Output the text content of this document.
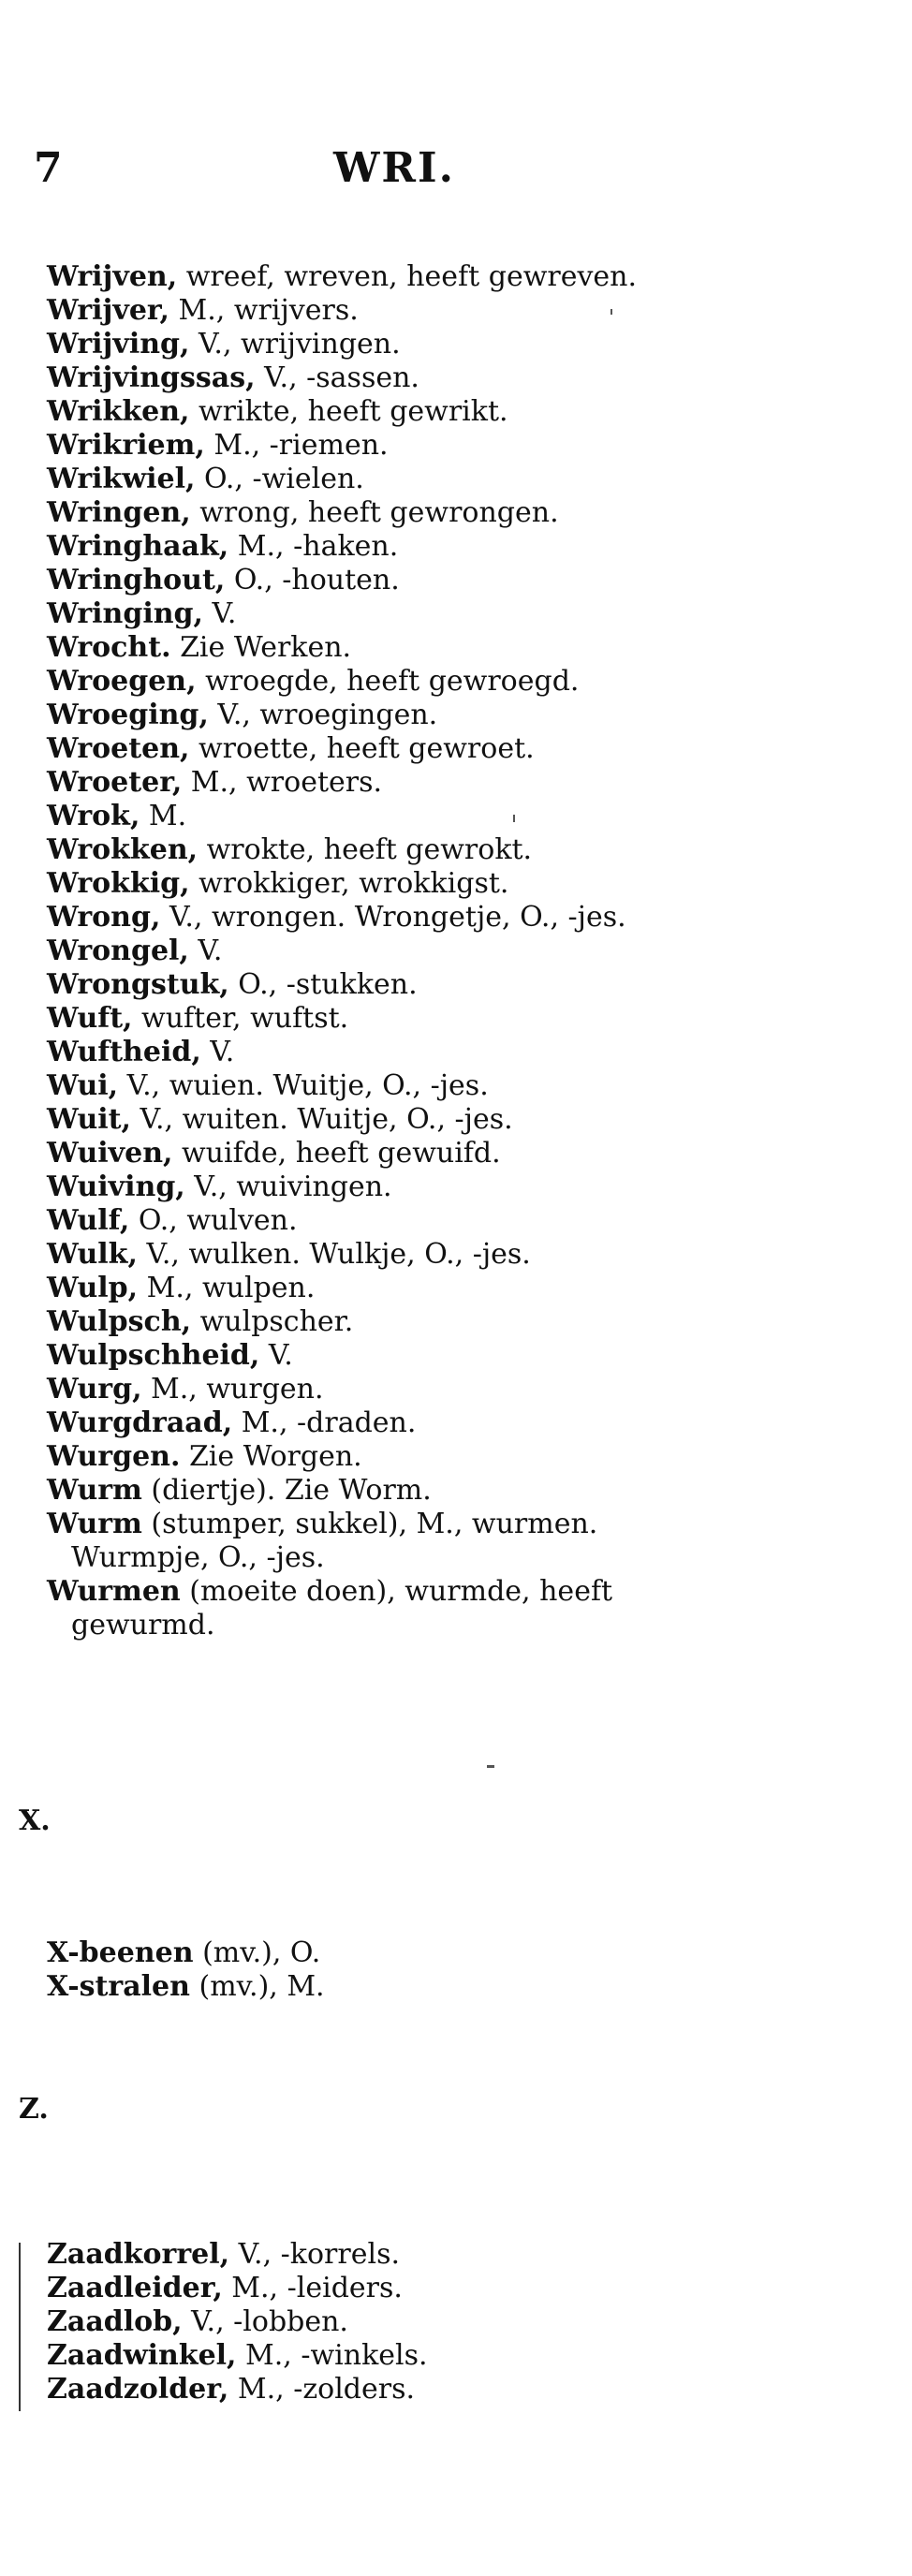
7	WRI.
Wrijven, wreef, wreven, heeft gewreven.
Wrijver, M., wrijvers.
Wrijving, V., wrijvingen.
Wrijvingssas, V., -sassen.
Wrikken, wrikte, heeft gewrikt.
Wrikriem, M., -riemen.
Wrikwiel, O., -wielen.
Wringen, wrong, heeft gewrongen.
Wringhaak, M., -haken.
Wringhout, O., -houten.
Wringing, V.
Wrocht. Zie Werken.
Wroegen, wroegde, heeft gewroegd.
Wroeging, V., wroegingen.
Wroeten, wroette, heeft gewroet.
Wroeter, M., wroeters.
Wrok, M.
Wrokken, wrokte, heeft gewrokt.
Wrokkig, wrokkiger, wrokkigst.
Wrong, V., wrongen. Wrongetje, O., -jes.
Wrongel, V.
Wrongstuk, O., -stukken.
Wuft, wufter, wuftst.
Wuftheid, V.
Wui, V., wuien. Wuitje, O., -jes.
Wuit, V., wuiten. Wuitje, O., -jes.
Wuiven, wuifde, heeft gewuifd.
Wuiving, V., wuivingen.
Wulf, O., wulven.
Wulk, V., wulken. Wulkje, O., -jes.
Wulp, M., wulpen.
Wulpsch, wulpscher.
Wulpschheid, V.
Wurg, M., wurgen.
Wurgdraad, M., -draden.
Wurgen. Zie Worgen.
Wurm (diertje). Zie Worm.
Wurm (stumper, sukkel), M., wurmen. Wurmpje, O., -jes.
Wurmen (moeite doen), wurmde, heeft gewurmd.
X.
X-beenen (mv.), O.
X-stralen (mv.), M.
Z.
Zaadkorrel, V., -korrels.
Zaadleider, M., -leiders.
Zaadlob, V., -lobben.
Zaadwinkel, M., -winkels.
Zaadzolder, M., -zolders.
